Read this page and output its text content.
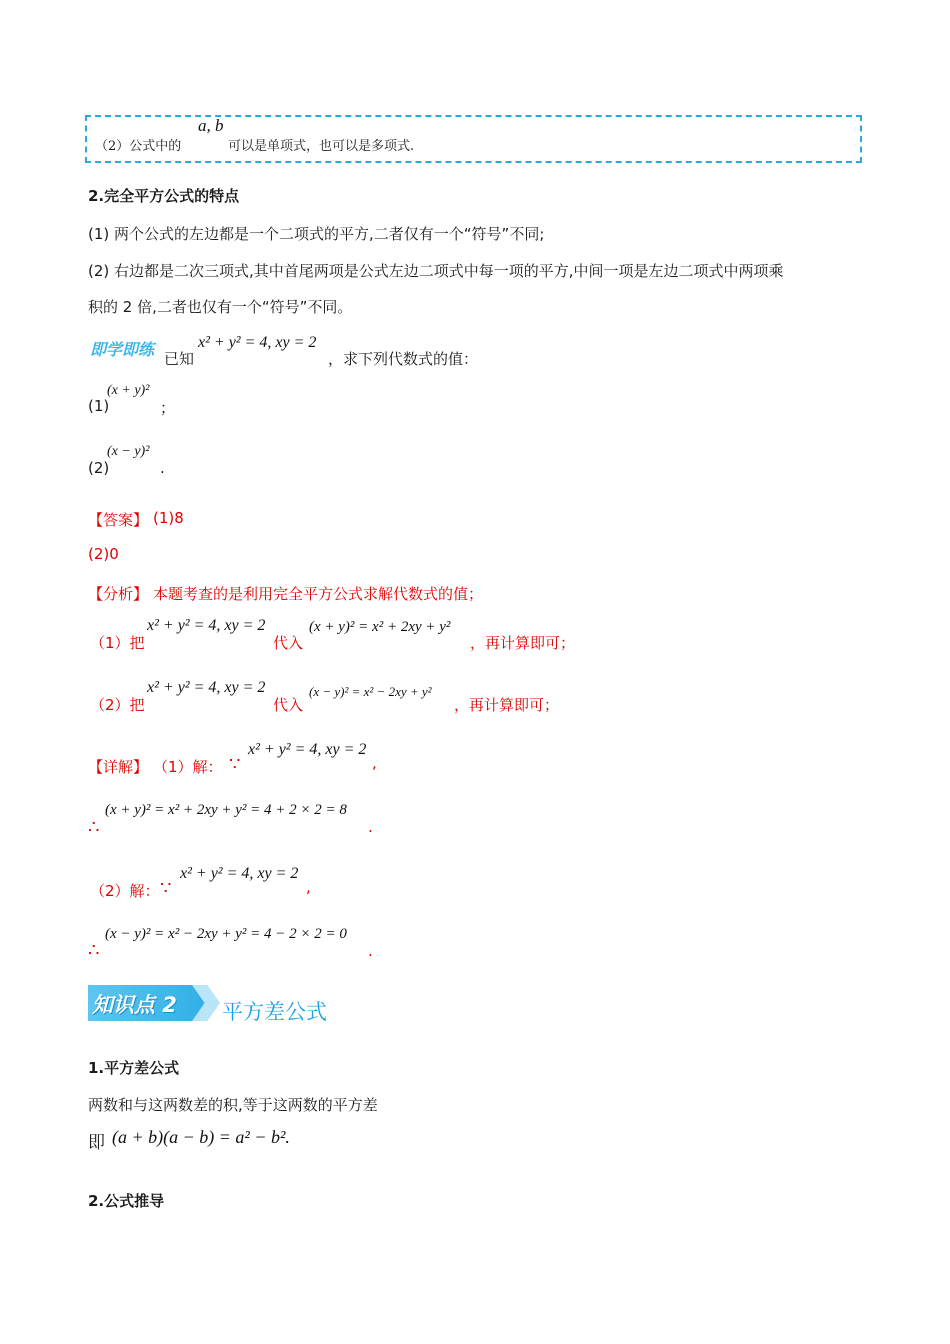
（2）公式中的
a, b
可以是单项式，也可以是多项式.
2.完全平方公式的特点
(1) 两个公式的左边都是一个二项式的平方,二者仅有一个“符号”不同;
(2) 右边都是二次三项式,其中首尾两项是公式左边二项式中每一项的平方,中间一项是左边二项式中两项乘
积的 2 倍,二者也仅有一个“符号”不同。
即学即练 已知
x² + y² = 4, xy = 2
，求下列代数式的值：
(1)
(x + y)²
；
(2)
(x − y)²
.
【答案】 (1)8
(2)0
【分析】 本题考查的是利用完全平方公式求解代数式的值；
（1）把
x² + y² = 4, xy = 2
代入
(x + y)² = x² + 2xy + y²
，再计算即可；
（2）把
x² + y² = 4, xy = 2
代入
(x − y)² = x² − 2xy + y²
，再计算即可；
【详解】 （1）解： ∵
x² + y² = 4, xy = 2
,
∴
(x + y)² = x² + 2xy + y² = 4 + 2 × 2 = 8
.
（2）解： ∵
x² + y² = 4, xy = 2
,
∴
(x − y)² = x² − 2xy + y² = 4 − 2 × 2 = 0
.
知识点 2 平方差公式
1.平方差公式
两数和与这两数差的积,等于这两数的平方差
即 (a + b)(a − b) = a² − b².
2.公式推导
